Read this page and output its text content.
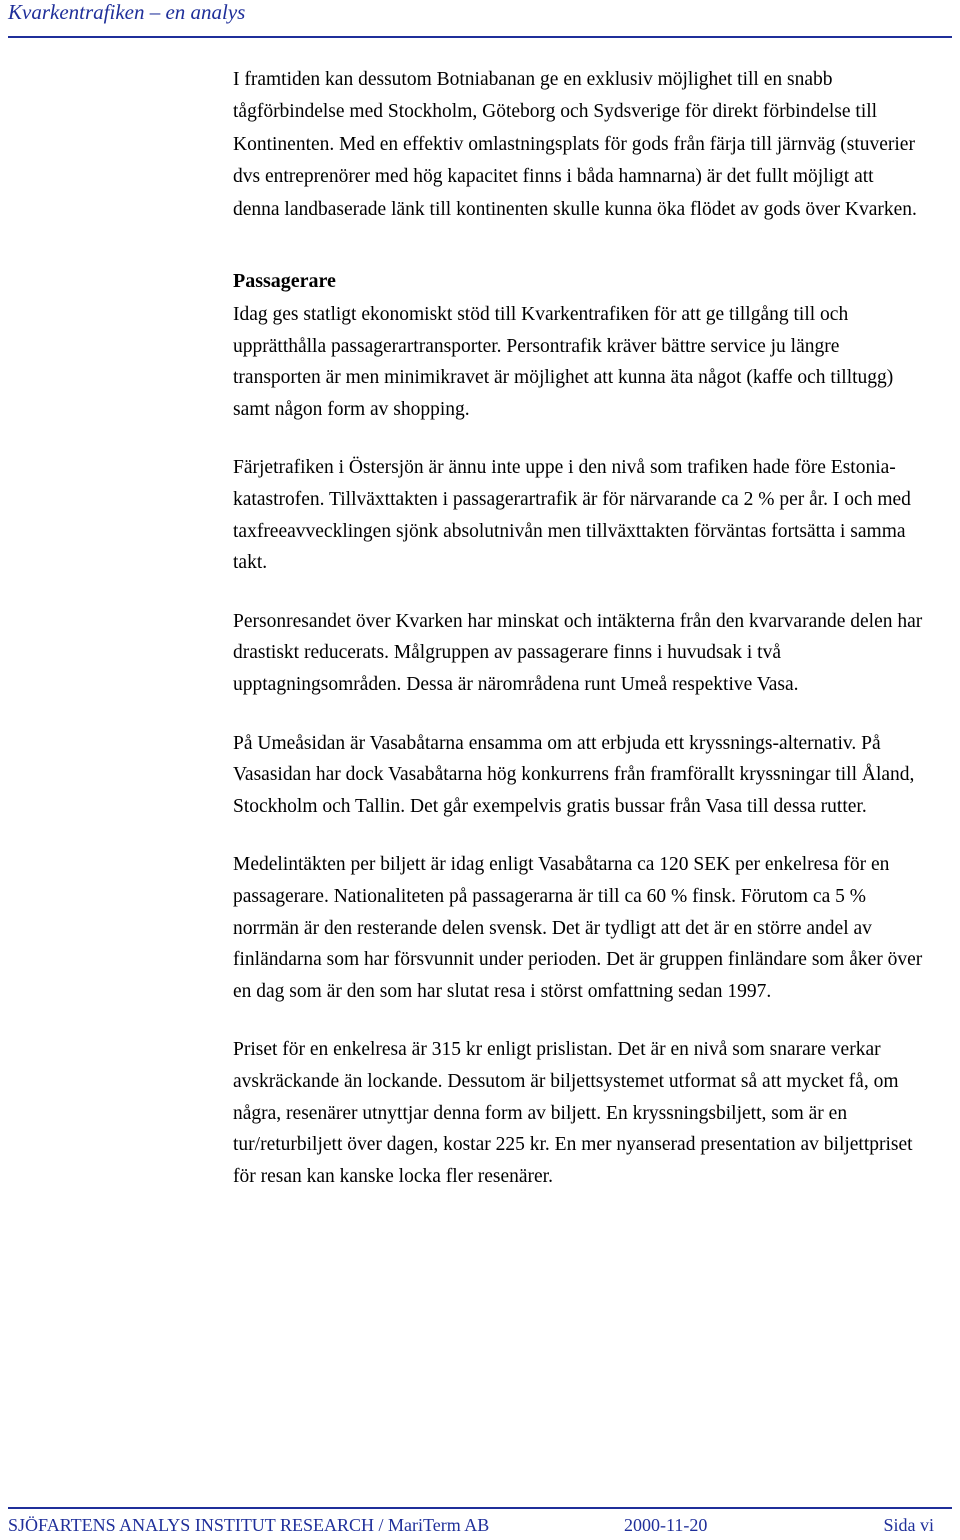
Kvarkentrafiken – en analys

I framtiden kan dessutom Botniabanan ge en exklusiv möjlighet till en snabb tågförbindelse med Stockholm, Göteborg och Sydsverige för direkt förbindelse till Kontinenten. Med en effektiv omlastningsplats för gods från färja till järnväg (stuverier dvs entreprenörer med hög kapacitet finns i båda hamnarna) är det fullt möjligt att denna landbaserade länk till kontinenten skulle kunna öka flödet av gods över Kvarken.

Passagerare

Idag ges statligt ekonomiskt stöd till Kvarkentrafiken för att ge tillgång till och upprätthålla passagerartransporter. Persontrafik kräver bättre service ju längre transporten är men minimikravet är möjlighet att kunna äta något (kaffe och tilltugg) samt någon form av shopping.

Färjetrafiken i Östersjön är ännu inte uppe i den nivå som trafiken hade före Estonia-katastrofen. Tillväxttakten i passagerartrafik är för närvarande ca 2 % per år. I och med taxfreeavvecklingen sjönk absolutnivån men tillväxttakten förväntas fortsätta i samma takt.

Personresandet över Kvarken har minskat och intäkterna från den kvarvarande delen har drastiskt reducerats. Målgruppen av passagerare finns i huvudsak i två upptagningsområden. Dessa är närområdena runt Umeå respektive Vasa.

På Umeåsidan är Vasabåtarna ensamma om att erbjuda ett kryssnings-alternativ. På Vasasidan har dock Vasabåtarna hög konkurrens från framförallt kryssningar till Åland, Stockholm och Tallin. Det går exempelvis gratis bussar från Vasa till dessa rutter.

Medelintäkten per biljett är idag enligt Vasabåtarna ca 120 SEK per enkelresa för en passagerare. Nationaliteten på passagerarna är till ca 60 % finsk. Förutom ca 5 % norrmän är den resterande delen svensk. Det är tydligt att det är en större andel av finländarna som har försvunnit under perioden. Det är gruppen finländare som åker över en dag som är den som har slutat resa i störst omfattning sedan 1997.

Priset för en enkelresa är 315 kr enligt prislistan. Det är en nivå som snarare verkar avskräckande än lockande. Dessutom är biljettsystemet utformat så att mycket få, om några, resenärer utnyttjar denna form av biljett. En kryssningsbiljett, som är en tur/returbiljett över dagen, kostar 225 kr. En mer nyanserad presentation av biljettpriset för resan kan kanske locka fler resenärer.

SJÖFARTENS ANALYS INSTITUT RESEARCH / MariTerm AB	2000-11-20	Sida vi
